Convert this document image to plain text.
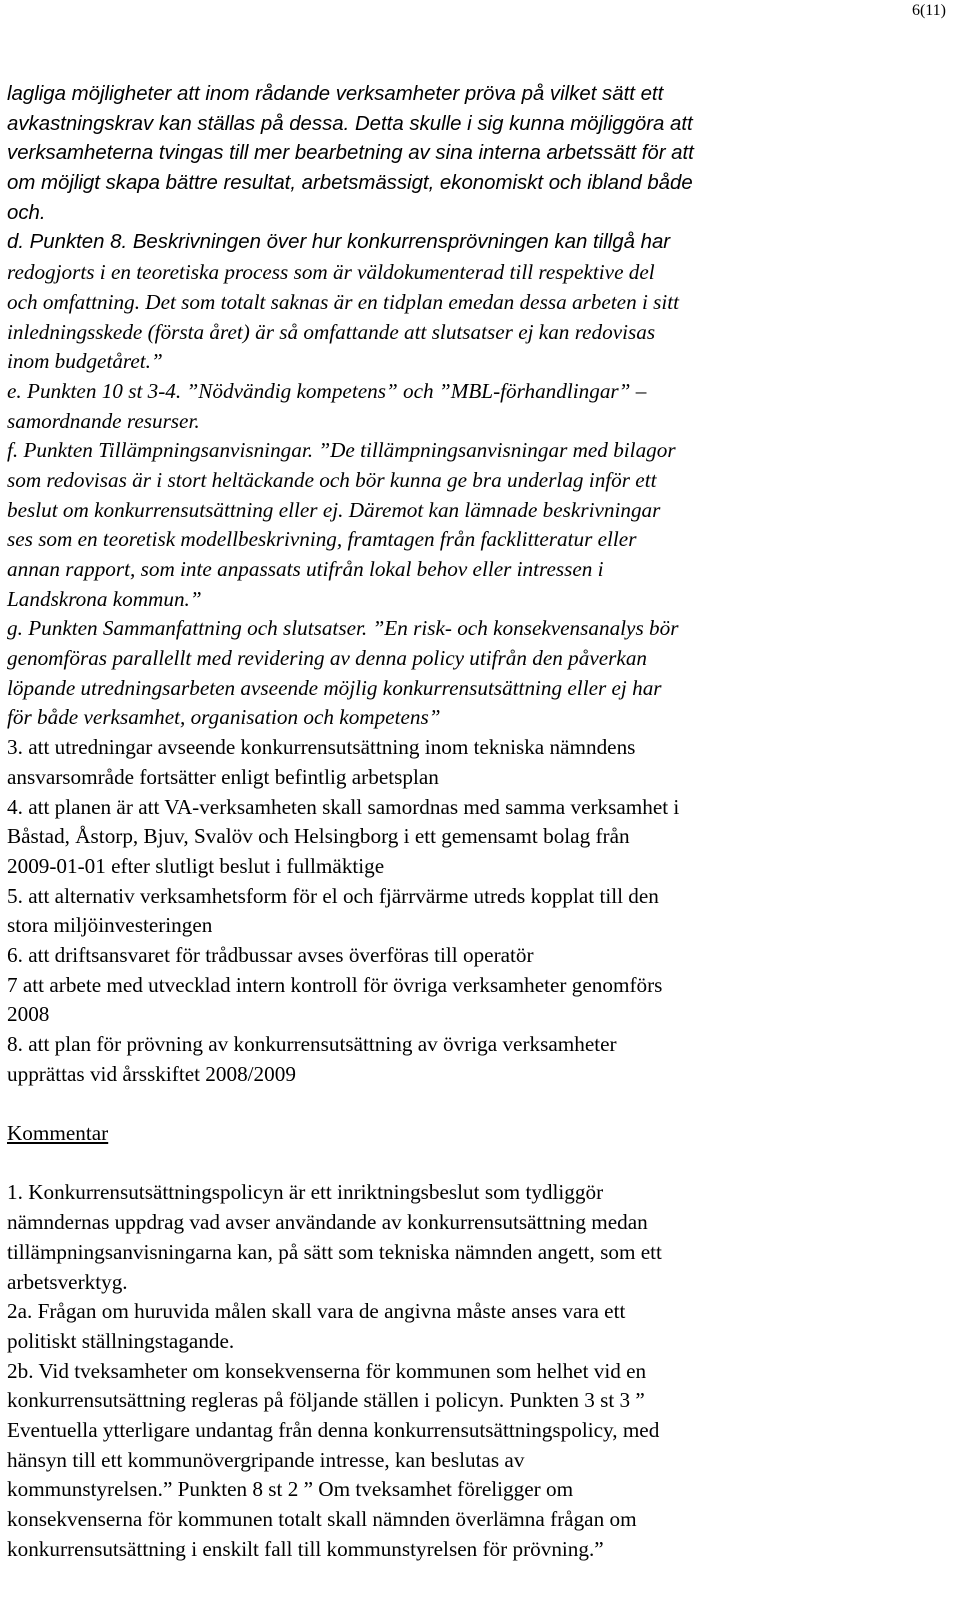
6(11)
lagliga möjligheter att inom rådande verksamheter pröva på vilket sätt ett
avkastningskrav kan ställas på dessa. Detta skulle i sig kunna möjliggöra att
verksamheterna tvingas till mer bearbetning av sina interna arbetssätt för att
om möjligt skapa bättre resultat, arbetsmässigt, ekonomiskt och ibland både
och.
d. Punkten 8. Beskrivningen över hur konkurrensprövningen kan tillgå har
redogjorts i en teoretiska process som är väldokumenterad till respektive del
och omfattning. Det som totalt saknas är en tidplan emedan dessa arbeten i sitt
inledningsskede (första året) är så omfattande att slutsatser ej kan redovisas
inom budgetåret.”
e. Punkten 10 st 3-4. ”Nödvändig kompetens” och ”MBL-förhandlingar” –
samordnande resurser.
f. Punkten Tillämpningsanvisningar. ”De tillämpningsanvisningar med bilagor
som redovisas är i stort heltäckande och bör kunna ge bra underlag inför ett
beslut om konkurrensutsättning eller ej. Däremot kan lämnade beskrivningar
ses som en teoretisk modellbeskrivning, framtagen från facklitteratur eller
annan rapport, som inte anpassats utifrån lokal behov eller intressen i
Landskrona kommun.”
g. Punkten Sammanfattning och slutsatser. ”En risk- och konsekvensanalys bör
genomföras parallellt med revidering av denna policy utifrån den påverkan
löpande utredningsarbeten avseende möjlig konkurrensutsättning eller ej har
för både verksamhet, organisation och kompetens”
3. att utredningar avseende konkurrensutsättning inom tekniska nämndens
ansvarsområde fortsätter enligt befintlig arbetsplan
4. att planen är att VA-verksamheten skall samordnas med samma verksamhet i
Båstad, Åstorp, Bjuv, Svalöv och Helsingborg i ett gemensamt bolag från
2009-01-01 efter slutligt beslut i fullmäktige
5. att alternativ verksamhetsform för el och fjärrvärme utreds kopplat till den
stora miljöinvesteringen
6. att driftsansvaret för trådbussar avses överföras till operatör
7 att arbete med utvecklad intern kontroll för övriga verksamheter genomförs
2008
8. att plan för prövning av konkurrensutsättning av övriga verksamheter
upprättas vid årsskiftet 2008/2009
Kommentar
1. Konkurrensutsättningspolicyn är ett inriktningsbeslut som tydliggör
nämndernas uppdrag vad avser användande av konkurrensutsättning medan
tillämpningsanvisningarna kan, på sätt som tekniska nämnden angett, som ett
arbetsverktyg.
2a. Frågan om huruvida målen skall vara de angivna måste anses vara ett
politiskt ställningstagande.
2b. Vid tveksamheter om konsekvenserna för kommunen som helhet vid en
konkurrensutsättning regleras på följande ställen i policyn. Punkten 3 st 3 ”
Eventuella ytterligare undantag från denna konkurrensutsättningspolicy, med
hänsyn till ett kommunövergripande intresse, kan beslutas av
kommunstyrelsen.” Punkten 8 st 2 ” Om tveksamhet föreligger om
konsekvenserna för kommunen totalt skall nämnden överlämna frågan om
konkurrensutsättning i enskilt fall till kommunstyrelsen för prövning.”
